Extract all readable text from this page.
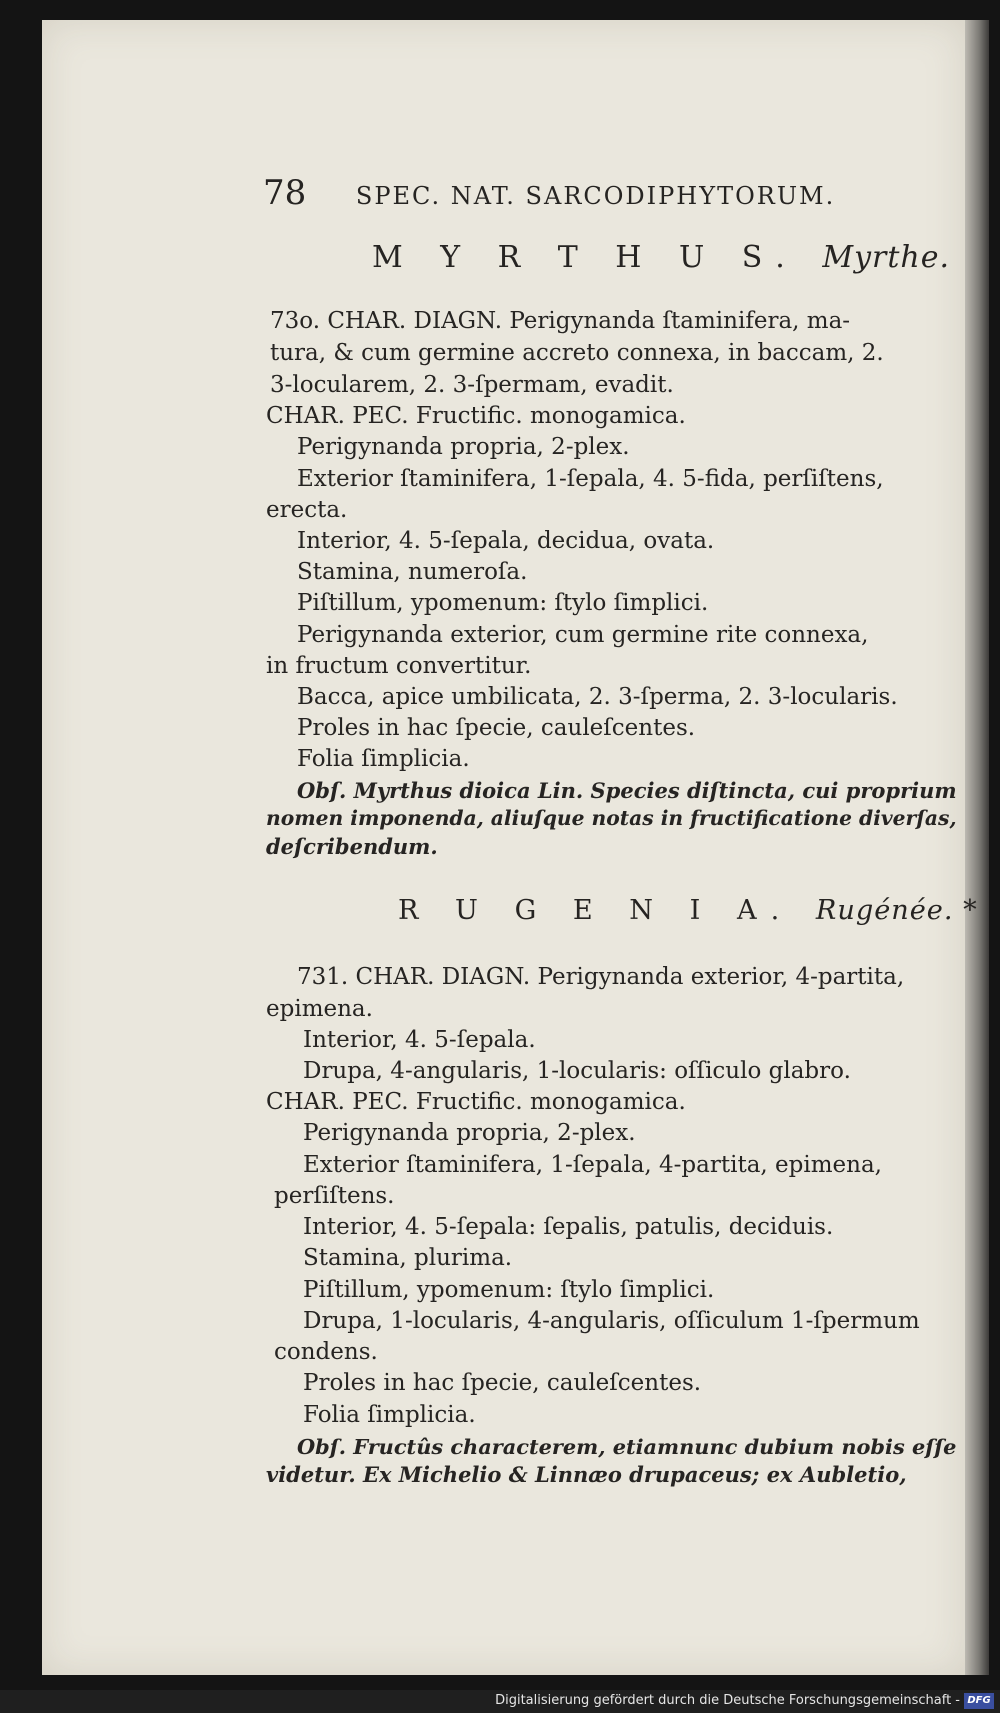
78 SPEC. NAT. SARCODIPHYTORUM.
M Y R T H U S. Myrthe.
73o. CHAR. DIAGN. Perigynanda ſtaminifera, ma-
tura, & cum germine accreto connexa, in baccam, 2.
3-locularem, 2. 3-ſpermam, evadit.
CHAR. PEC. Fructific. monogamica.
Perigynanda propria, 2-plex.
Exterior ſtaminifera, 1-ſepala, 4. 5-fida, perſiſtens,
erecta.
Interior, 4. 5-ſepala, decidua, ovata.
Stamina, numeroſa.
Piſtillum, ypomenum: ſtylo ſimplici.
Perigynanda exterior, cum germine rite connexa,
in fructum convertitur.
Bacca, apice umbilicata, 2. 3-ſperma, 2. 3-locularis.
Proles in hac ſpecie, cauleſcentes.
Folia ſimplicia.
Obſ. Myrthus dioica Lin. Species diſtincta, cui proprium
nomen imponenda, aliuſque notas in fructificatione diverſas,
deſcribendum.
R U G E N I A. Rugénée. *
731. CHAR. DIAGN. Perigynanda exterior, 4-partita,
epimena.
Interior, 4. 5-ſepala.
Drupa, 4-angularis, 1-locularis: oſſiculo glabro.
CHAR. PEC. Fructific. monogamica.
Perigynanda propria, 2-plex.
Exterior ſtaminifera, 1-ſepala, 4-partita, epimena,
perſiſtens.
Interior, 4. 5-ſepala: ſepalis, patulis, deciduis.
Stamina, plurima.
Piſtillum, ypomenum: ſtylo ſimplici.
Drupa, 1-locularis, 4-angularis, oſſiculum 1-ſpermum
condens.
Proles in hac ſpecie, cauleſcentes.
Folia ſimplicia.
Obſ. Fructûs characterem, etiamnunc dubium nobis eſſe
videtur. Ex Michelio & Linnæo drupaceus; ex Aubletio,
Digitalisierung gefördert durch die Deutsche Forschungsgemeinschaft - DFG
